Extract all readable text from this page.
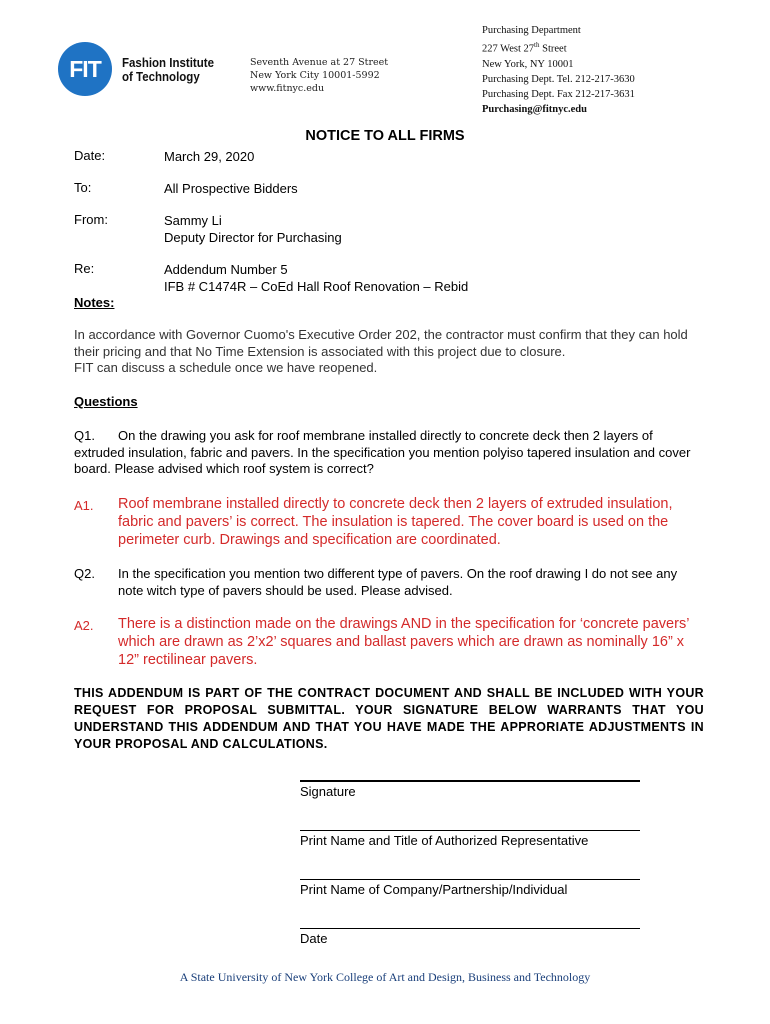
FIT	Fashion Institute
of Technology
Seventh Avenue at 27 Street
New York City 10001-5992
www.fitnyc.edu
Purchasing Department
227 West 27th Street
New York, NY 10001
Purchasing Dept. Tel. 212-217-3630
Purchasing Dept. Fax 212-217-3631
Purchasing@fitnyc.edu
NOTICE TO ALL FIRMS
Date:	March 29, 2020
To:	All Prospective Bidders
From:	Sammy Li
Deputy Director for Purchasing
Re:	Addendum Number 5
IFB # C1474R – CoEd Hall Roof Renovation – Rebid
Notes:
In accordance with Governor Cuomo's Executive Order 202, the contractor must confirm that they can hold their pricing and that No Time Extension is associated with this project due to closure.
FIT can discuss a schedule once we have reopened.
Questions
Q1.	On the drawing you ask for roof membrane installed directly to concrete deck then 2 layers of extruded insulation, fabric and pavers. In the specification you mention polyiso tapered insulation and cover board. Please advised which roof system is correct?
A1.	Roof membrane installed directly to concrete deck then 2 layers of extruded insulation, fabric and pavers’ is correct. The insulation is tapered. The cover board is used on the perimeter curb. Drawings and specification are coordinated.
Q2.	In the specification you mention two different type of pavers. On the roof drawing I do not see any note witch type of pavers should be used. Please advised.
A2.	There is a distinction made on the drawings AND in the specification for ‘concrete pavers’ which are drawn as 2’x2’ squares and ballast pavers which are drawn as nominally 16” x 12” rectilinear pavers.
THIS ADDENDUM IS PART OF THE CONTRACT DOCUMENT AND SHALL BE INCLUDED WITH YOUR REQUEST FOR PROPOSAL SUBMITTAL. YOUR SIGNATURE BELOW WARRANTS THAT YOU UNDERSTAND THIS ADDENDUM AND THAT YOU HAVE MADE THE APPRORIATE ADJUSTMENTS IN YOUR PROPOSAL AND CALCULATIONS.
Signature
Print Name and Title of Authorized Representative
Print Name of Company/Partnership/Individual
Date
A State University of New York College of Art and Design, Business and Technology
